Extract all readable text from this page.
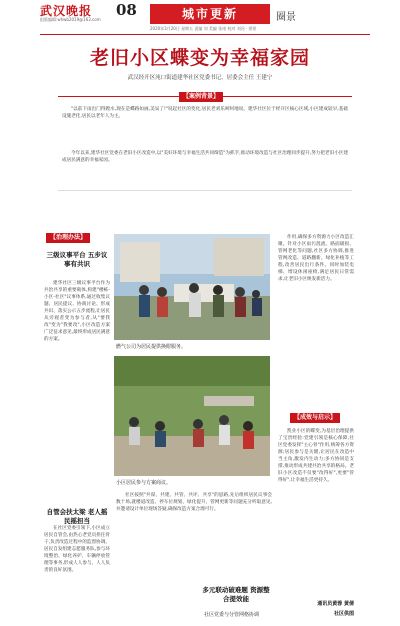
武汉晚报 08
组版编辑:whwb2019@163.com	城市更新	圈景
2020年3月20日 星期五 责编 刘 美编 张南 校对 刘河 · 图景
老旧小区蝶变为幸福家园
武汉经开区沌口街道建华社区党委书记、居委会主任 王建宁
【案例背景】
"以前下雨出门得蹚水,现在是蝶路如画,美呆了!"说起社区的变化,居民老刘乐呵呵地说。建华社区位于经开区核心区域,小区建成较早,基础设施老化,居民以老年人为主。
今年以来,建华社区党委在老旧小区改造中,以"美好环境与幸福生活共同缔造"为抓手,推动环境改造与社区治理同步提升,努力把老旧小区建成居民满意的幸福家园。
【治理办法】
三级议事平台 五步议事有共识
建华社区三级议事平台作为共治共享的重要载体,构建"楼栋-小区-社区"议事体系,通过收集议题、居民提议、协商讨论、形成共识、落实公示五步流程,让居民从旁观者变为参与者,从"要我改"变为"我要改",小区改造方案广泛征求意见,最终形成居民满意的方案。
自管会扶太梁 老人摇民摇担当
在社区党委引领下,小区成立居民自管会,由热心老党员担任骨干,负责改造过程中的监督协调。居民自发组建志愿服务队,参与环境整治、绿化养护、车辆停放管理等事务,形成人人参与、人人负责的良好氛围。
燃气公司为居民提供换附服务。
小区居民参与方案商议。
社区按照"共谋、共建、共管、共评、共享"的思路,先后组织居民议事会数十场,就楼道改造、停车位规划、绿化提升、管网更新等问题充分听取意见,并邀请设计单位现场答疑,确保改造方案合理可行。
多元联动破难题 资源整合提效能
社区党委与分管网格协调
作用,确保多方资源力小区改造汇聚。针对小区雨污混流、路面破损、管网老化等问题,社区多方协调,推进管网改造、道路翻新、绿化补植等工程,改善居民出行条件。同时加装电梯、增设休闲座椅,满足居民日常需求,让老旧小区焕发新活力。
【成效与启示】
凯业小区的蝶变,为基层治理提供了宝贵经验:党建引领是核心保障,社区党委发挥"主心骨"作用,统筹各方资源;居民参与是关键,让居民在改造中当主角,激发内生动力;多方协同是支撑,推动形成共建共治共享的格局。老旧小区改造不仅要"改得好",更要"管得好",让幸福生活更持久。
通讯员黄蓉 黄倩
社区供图
